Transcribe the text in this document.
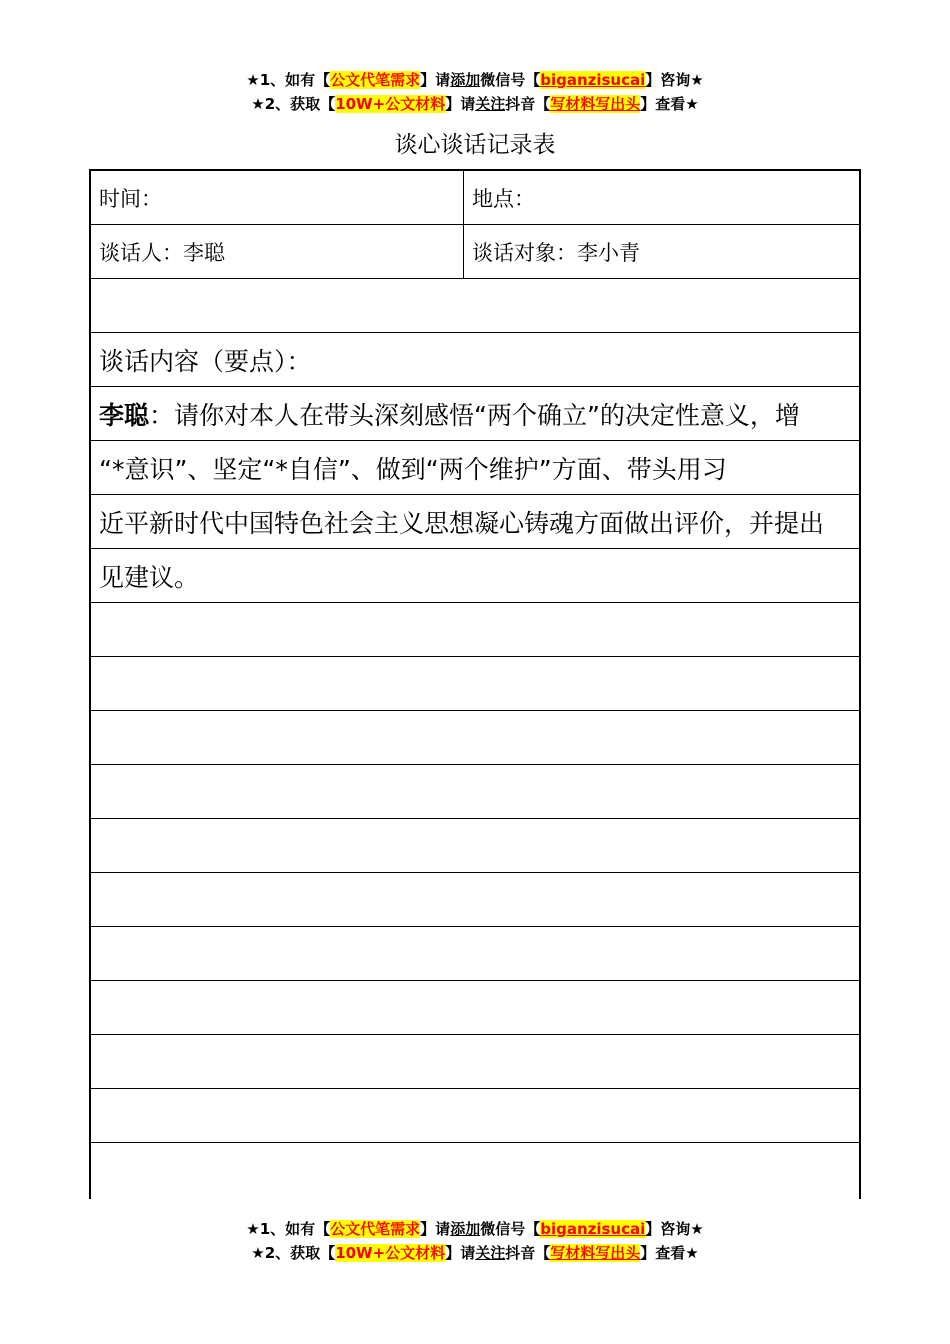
★1、如有【公文代笔需求】请添加微信号【biganzisucai】咨询★
★2、获取【10W+公文材料】请关注抖音【写材料写出头】查看★
谈心谈话记录表
时间：	地点：
谈话人：李聪	谈话对象：李小青
谈话内容（要点）：
李聪：请你对本人在带头深刻感悟“两个确立”的决定性意义，增
“*意识”、坚定“*自信”、做到“两个维护”方面、带头用习
近平新时代中国特色社会主义思想凝心铸魂方面做出评价，并提出
见建议。
★1、如有【公文代笔需求】请添加微信号【biganzisucai】咨询★
★2、获取【10W+公文材料】请关注抖音【写材料写出头】查看★
